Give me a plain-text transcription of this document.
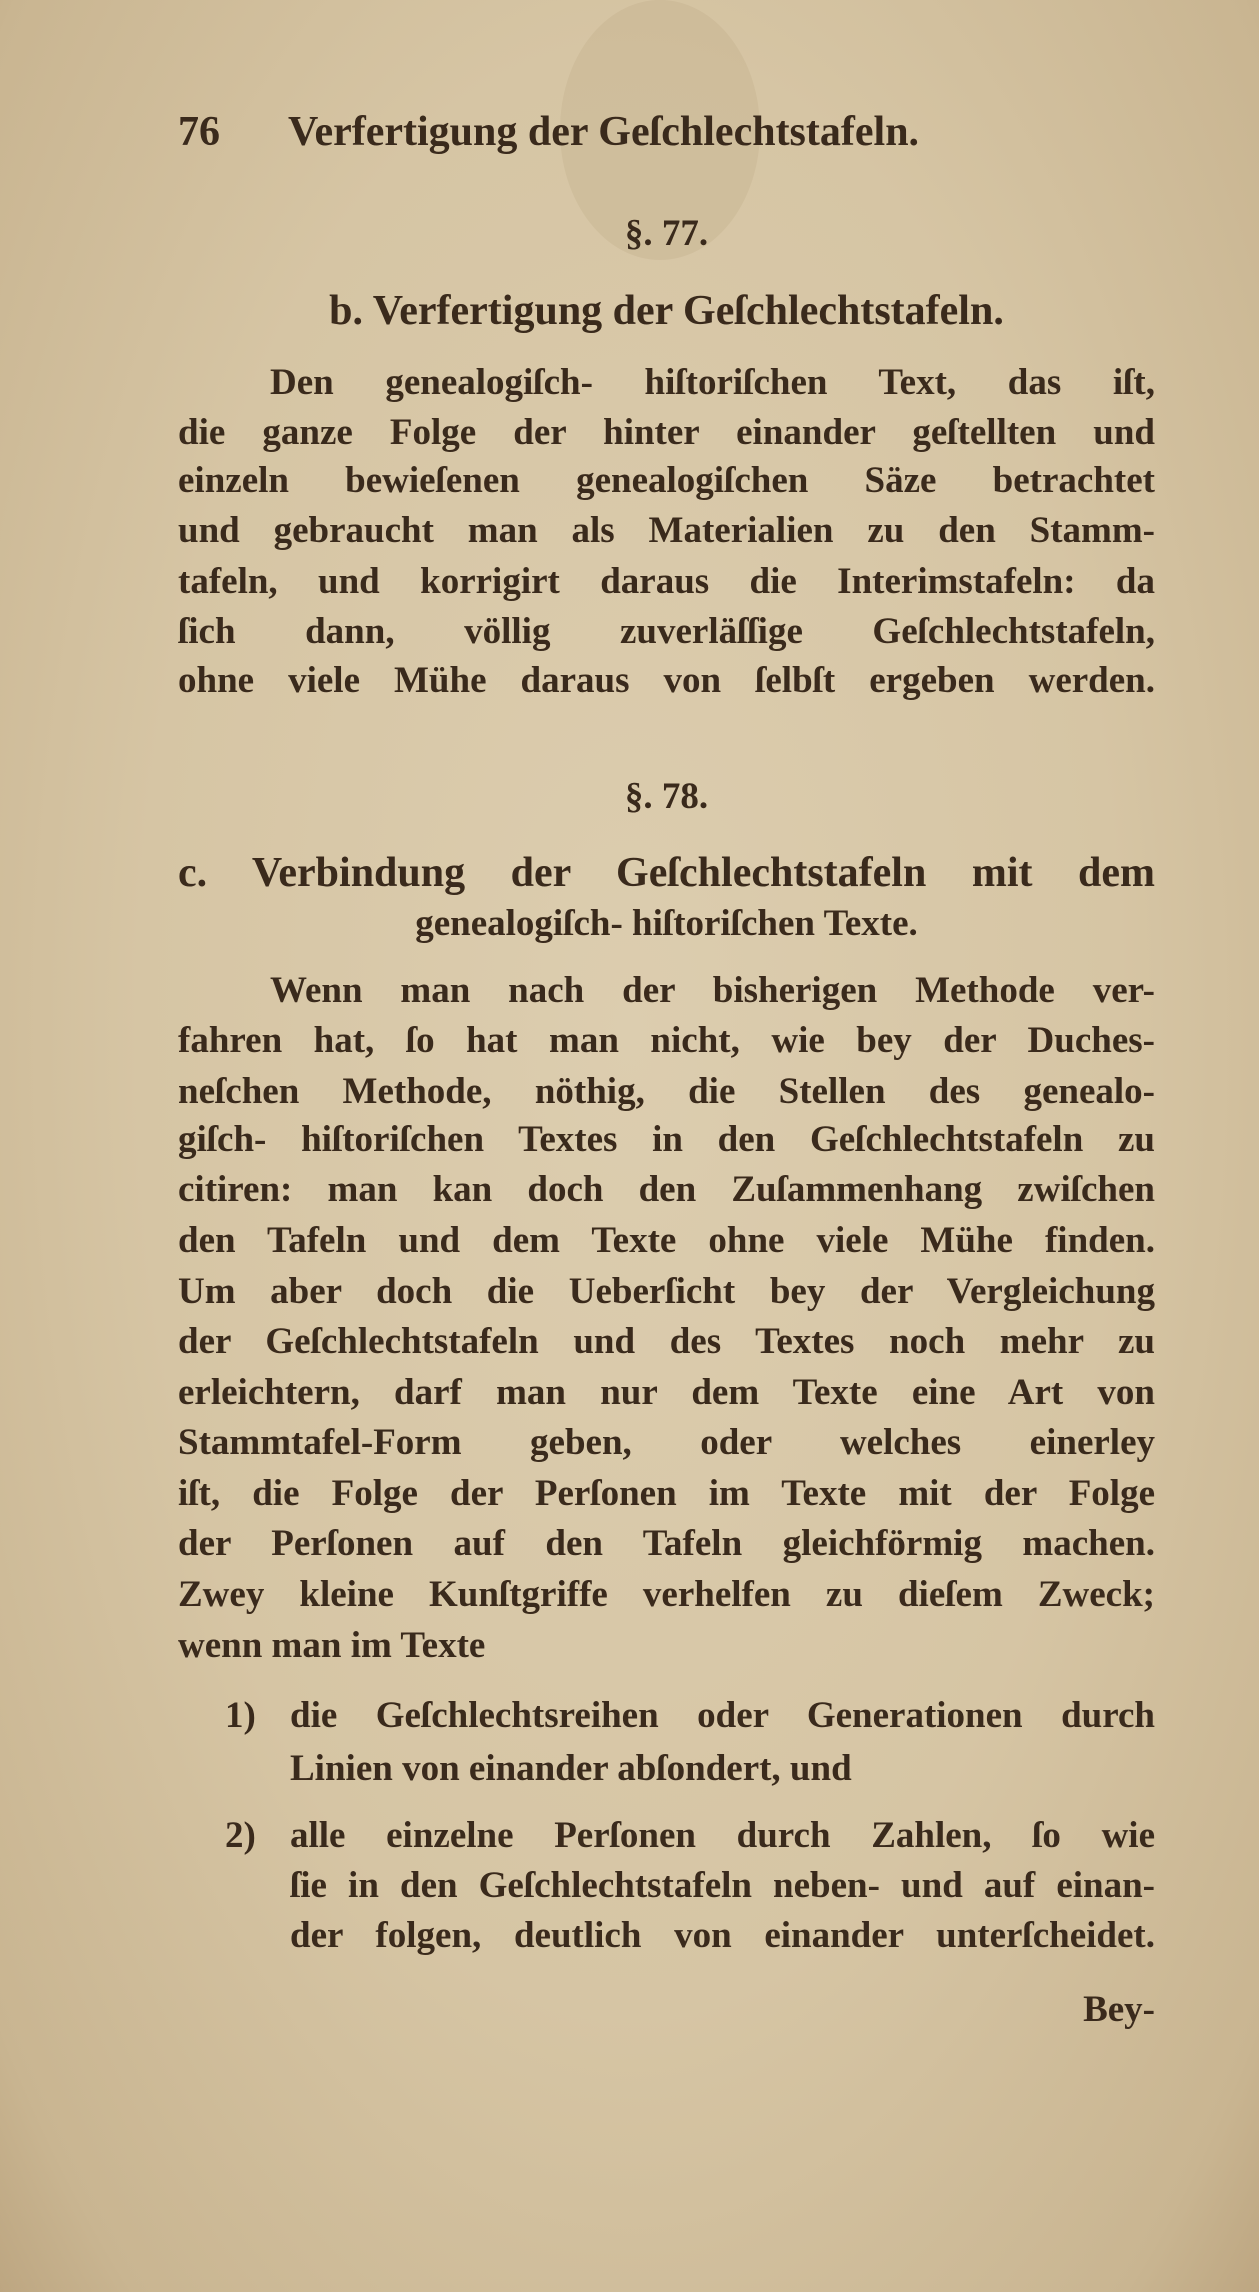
76 Verfertigung der Geſchlechtstafeln.
§. 77.
b. Verfertigung der Geſchlechtstafeln.
Den genealogiſch- hiſtoriſchen Text, das iſt,
die ganze Folge der hinter einander geſtellten und
einzeln bewieſenen genealogiſchen Säze betrachtet
und gebraucht man als Materialien zu den Stamm-
tafeln, und korrigirt daraus die Interimstafeln: da
ſich dann, völlig zuverläſſige Geſchlechtstafeln,
ohne viele Mühe daraus von ſelbſt ergeben werden.
§. 78.
c. Verbindung der Geſchlechtstafeln mit dem
genealogiſch- hiſtoriſchen Texte.
Wenn man nach der bisherigen Methode ver-
fahren hat, ſo hat man nicht, wie bey der Duches-
neſchen Methode, nöthig, die Stellen des genealo-
giſch- hiſtoriſchen Textes in den Geſchlechtstafeln zu
citiren: man kan doch den Zuſammenhang zwiſchen
den Tafeln und dem Texte ohne viele Mühe finden.
Um aber doch die Ueberſicht bey der Vergleichung
der Geſchlechtstafeln und des Textes noch mehr zu
erleichtern, darf man nur dem Texte eine Art von
Stammtafel-Form geben, oder welches einerley
iſt, die Folge der Perſonen im Texte mit der Folge
der Perſonen auf den Tafeln gleichförmig machen.
Zwey kleine Kunſtgriffe verhelfen zu dieſem Zweck;
wenn man im Texte
1) die Geſchlechtsreihen oder Generationen durch
Linien von einander abſondert, und
2) alle einzelne Perſonen durch Zahlen, ſo wie
ſie in den Geſchlechtstafeln neben- und auf einan-
der folgen, deutlich von einander unterſcheidet.
Bey-
